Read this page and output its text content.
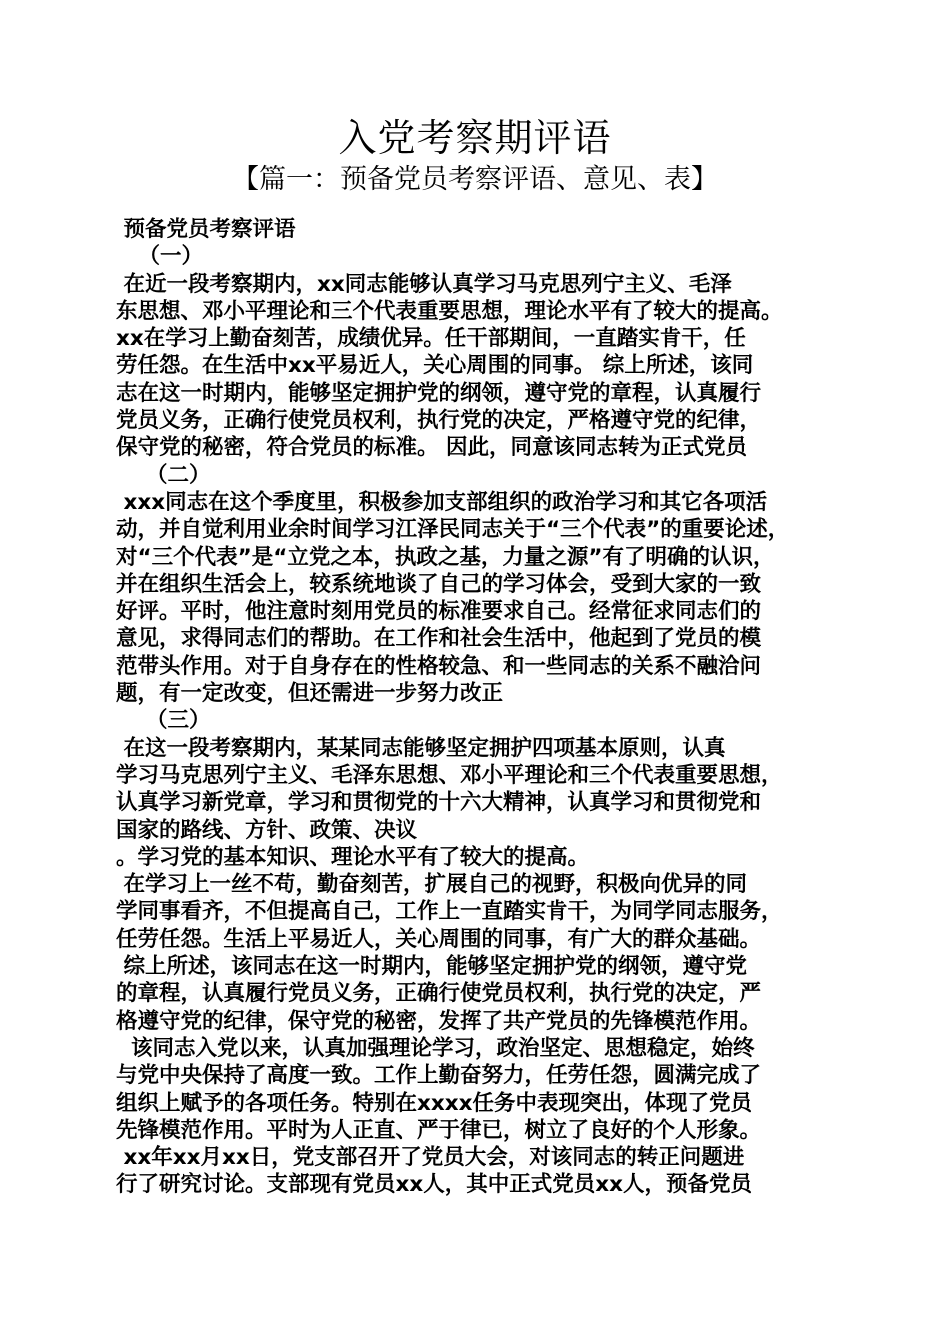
入党考察期评语
【篇一：预备党员考察评语、意见、表】
预备党员考察评语
（一）
在近一段考察期内，xx同志能够认真学习马克思列宁主义、毛泽
东思想、邓小平理论和三个代表重要思想，理论水平有了较大的提高。
xx在学习上勤奋刻苦，成绩优异。任干部期间，一直踏实肯干，任
劳任怨。在生活中xx平易近人，关心周围的同事。 综上所述，该同
志在这一时期内，能够坚定拥护党的纲领，遵守党的章程，认真履行
党员义务，正确行使党员权利，执行党的决定，严格遵守党的纪律，
保守党的秘密，符合党员的标准。 因此，同意该同志转为正式党员
（二）
xxx同志在这个季度里，积极参加支部组织的政治学习和其它各项活
动，并自觉利用业余时间学习江泽民同志关于“三个代表”的重要论述，
对“三个代表”是“立党之本，执政之基，力量之源”有了明确的认识，
并在组织生活会上，较系统地谈了自己的学习体会，受到大家的一致
好评。平时，他注意时刻用党员的标准要求自己。经常征求同志们的
意见，求得同志们的帮助。在工作和社会生活中，他起到了党员的模
范带头作用。对于自身存在的性格较急、和一些同志的关系不融洽问
题，有一定改变，但还需进一步努力改正
（三）
在这一段考察期内，某某同志能够坚定拥护四项基本原则，认真
学习马克思列宁主义、毛泽东思想、邓小平理论和三个代表重要思想，
认真学习新党章，学习和贯彻党的十六大精神，认真学习和贯彻党和
国家的路线、方针、政策、决议
。学习党的基本知识、理论水平有了较大的提高。
在学习上一丝不苟，勤奋刻苦，扩展自己的视野，积极向优异的同
学同事看齐，不但提高自己，工作上一直踏实肯干，为同学同志服务，
任劳任怨。生活上平易近人，关心周围的同事，有广大的群众基础。
综上所述，该同志在这一时期内，能够坚定拥护党的纲领，遵守党
的章程，认真履行党员义务，正确行使党员权利，执行党的决定，严
格遵守党的纪律，保守党的秘密，发挥了共产党员的先锋模范作用。
该同志入党以来，认真加强理论学习，政治坚定、思想稳定，始终
与党中央保持了高度一致。工作上勤奋努力，任劳任怨，圆满完成了
组织上赋予的各项任务。特别在xxxx任务中表现突出，体现了党员
先锋模范作用。平时为人正直、严于律已，树立了良好的个人形象。
xx年xx月xx日，党支部召开了党员大会，对该同志的转正问题进
行了研究讨论。支部现有党员xx人，其中正式党员xx人，预备党员
